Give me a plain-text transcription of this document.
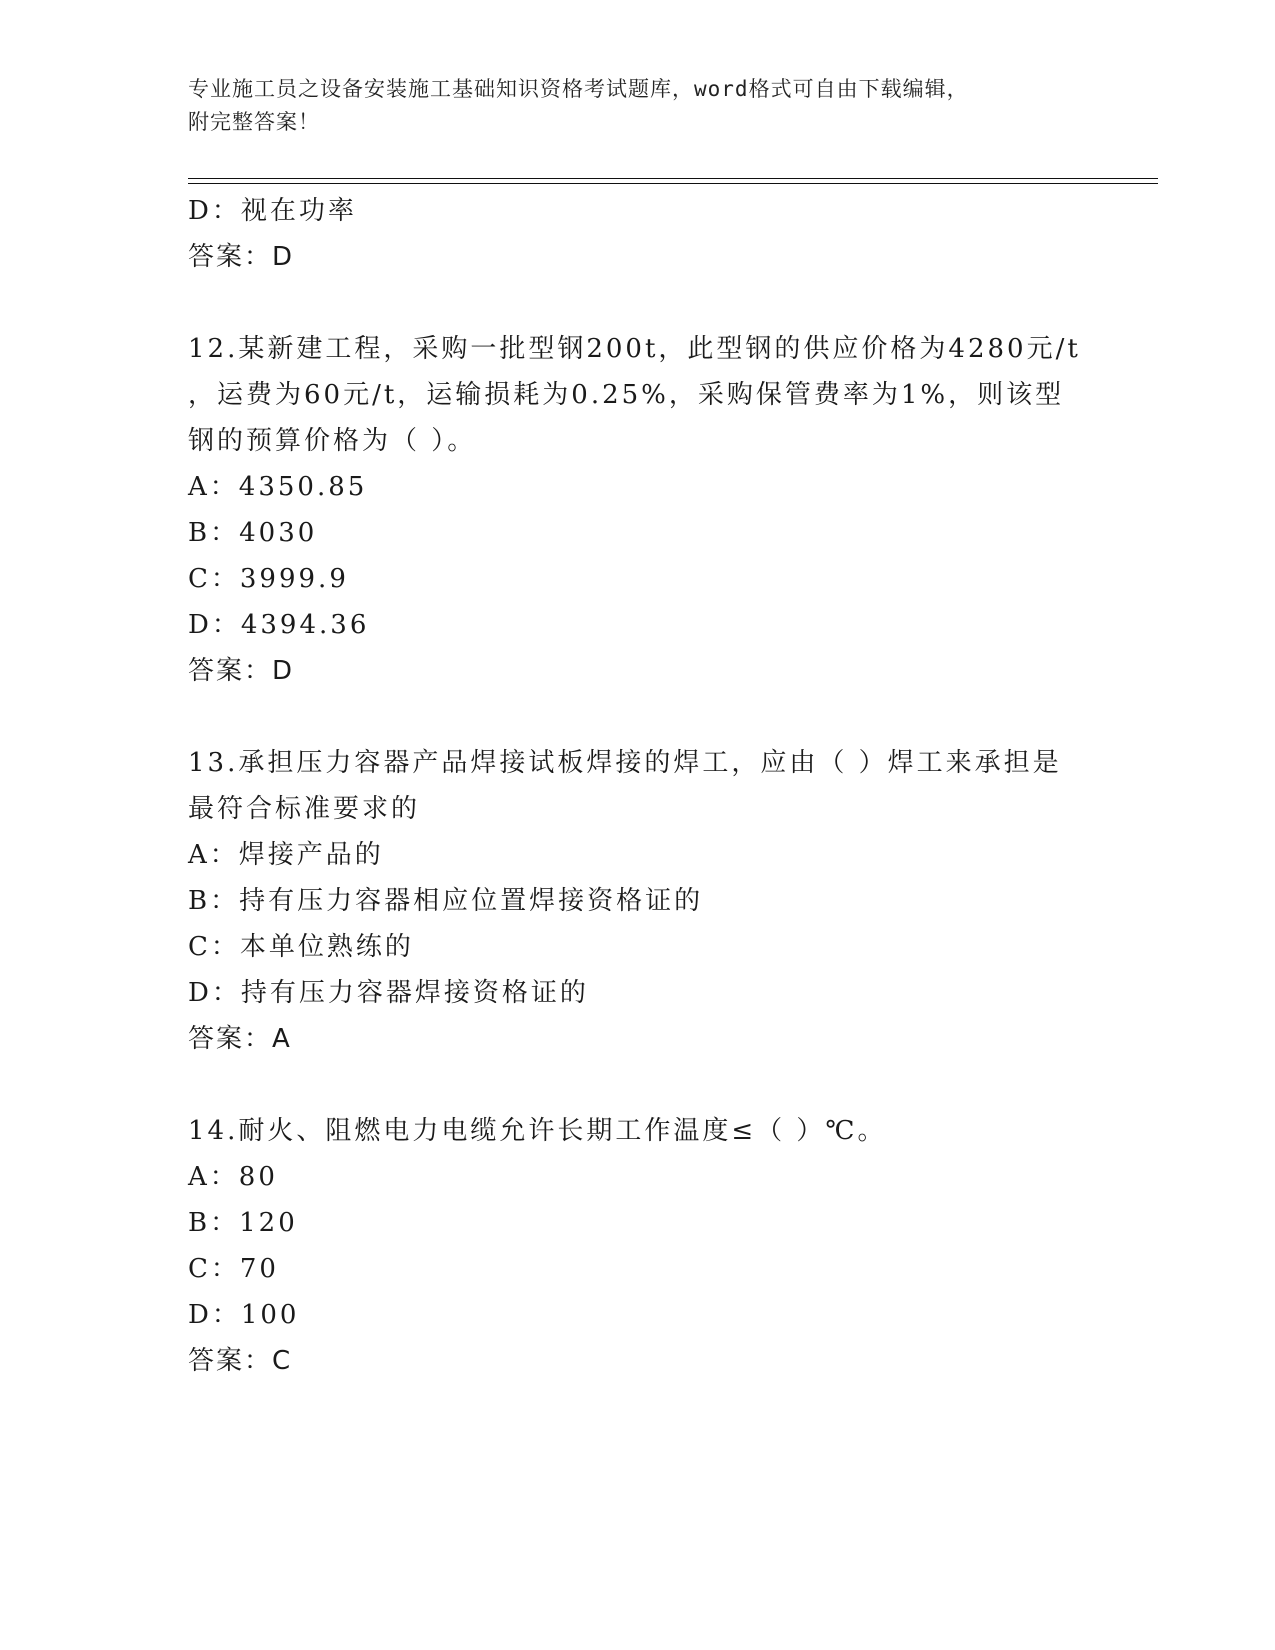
专业施工员之设备安装施工基础知识资格考试题库，word格式可自由下载编辑，
附完整答案！
D：视在功率
答案：D
12.某新建工程，采购一批型钢200t，此型钢的供应价格为4280元/t
，运费为60元/t，运输损耗为0.25%，采购保管费率为1%，则该型
钢的预算价格为（ ）。
A：4350.85
B：4030
C：3999.9
D：4394.36
答案：D
13.承担压力容器产品焊接试板焊接的焊工，应由（ ）焊工来承担是
最符合标准要求的
A：焊接产品的
B：持有压力容器相应位置焊接资格证的
C：本单位熟练的
D：持有压力容器焊接资格证的
答案：A
14.耐火、阻燃电力电缆允许长期工作温度≤（ ）℃。
A：80
B：120
C：70
D：100
答案：C
